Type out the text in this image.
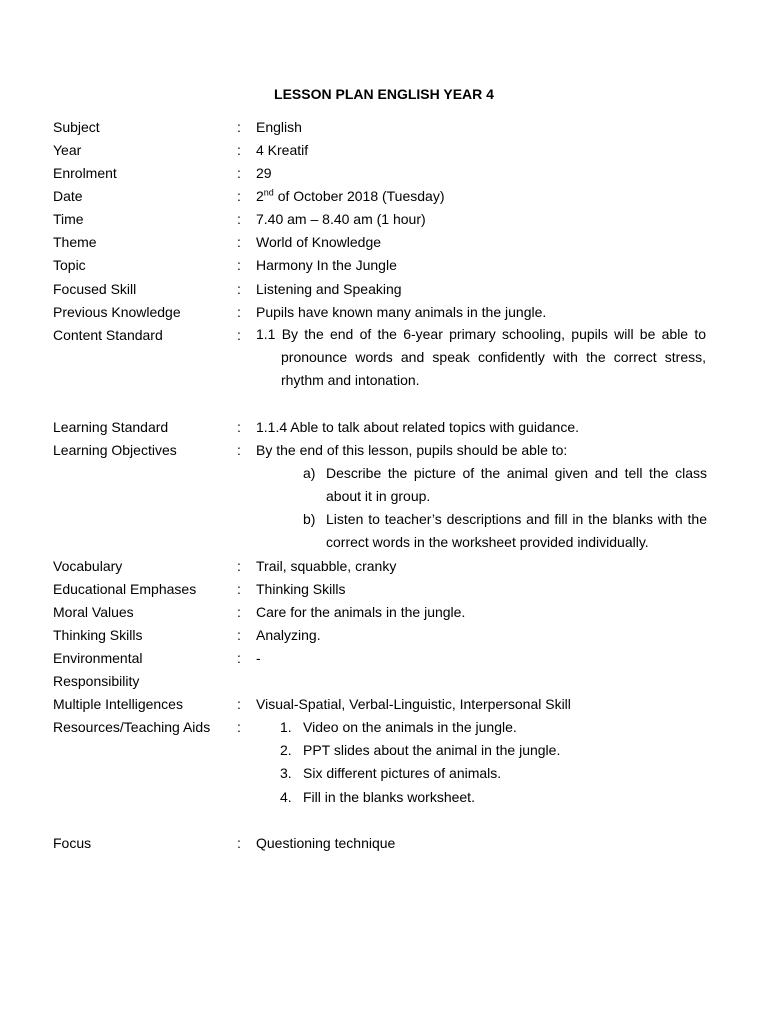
LESSON PLAN ENGLISH YEAR 4
Subject	: English
Year	: 4 Kreatif
Enrolment	: 29
Date	: 2nd of October 2018 (Tuesday)
Time	: 7.40 am – 8.40 am (1 hour)
Theme	: World of Knowledge
Topic	: Harmony In the Jungle
Focused Skill	: Listening and Speaking
Previous Knowledge	: Pupils have known many animals in the jungle.
Content Standard	: 1.1 By the end of the 6-year primary schooling, pupils will be able to
pronounce words and speak confidently with the correct stress, rhythm and intonation.
Learning Standard	: 1.1.4 Able to talk about related topics with guidance.
Learning Objectives	: By the end of this lesson, pupils should be able to:
a) Describe the picture of the animal given and tell the class about it in group.
b) Listen to teacher’s descriptions and fill in the blanks with the correct words in the worksheet provided individually.
Vocabulary	: Trail, squabble, cranky
Educational Emphases	: Thinking Skills
Moral Values	: Care for the animals in the jungle.
Thinking Skills	: Analyzing.
Environmental	: -
Responsibility
Multiple Intelligences	: Visual-Spatial, Verbal-Linguistic, Interpersonal Skill
Resources/Teaching Aids :	1. Video on the animals in the jungle.
2. PPT slides about the animal in the jungle.
3. Six different pictures of animals.
4. Fill in the blanks worksheet.
Focus	: Questioning technique
